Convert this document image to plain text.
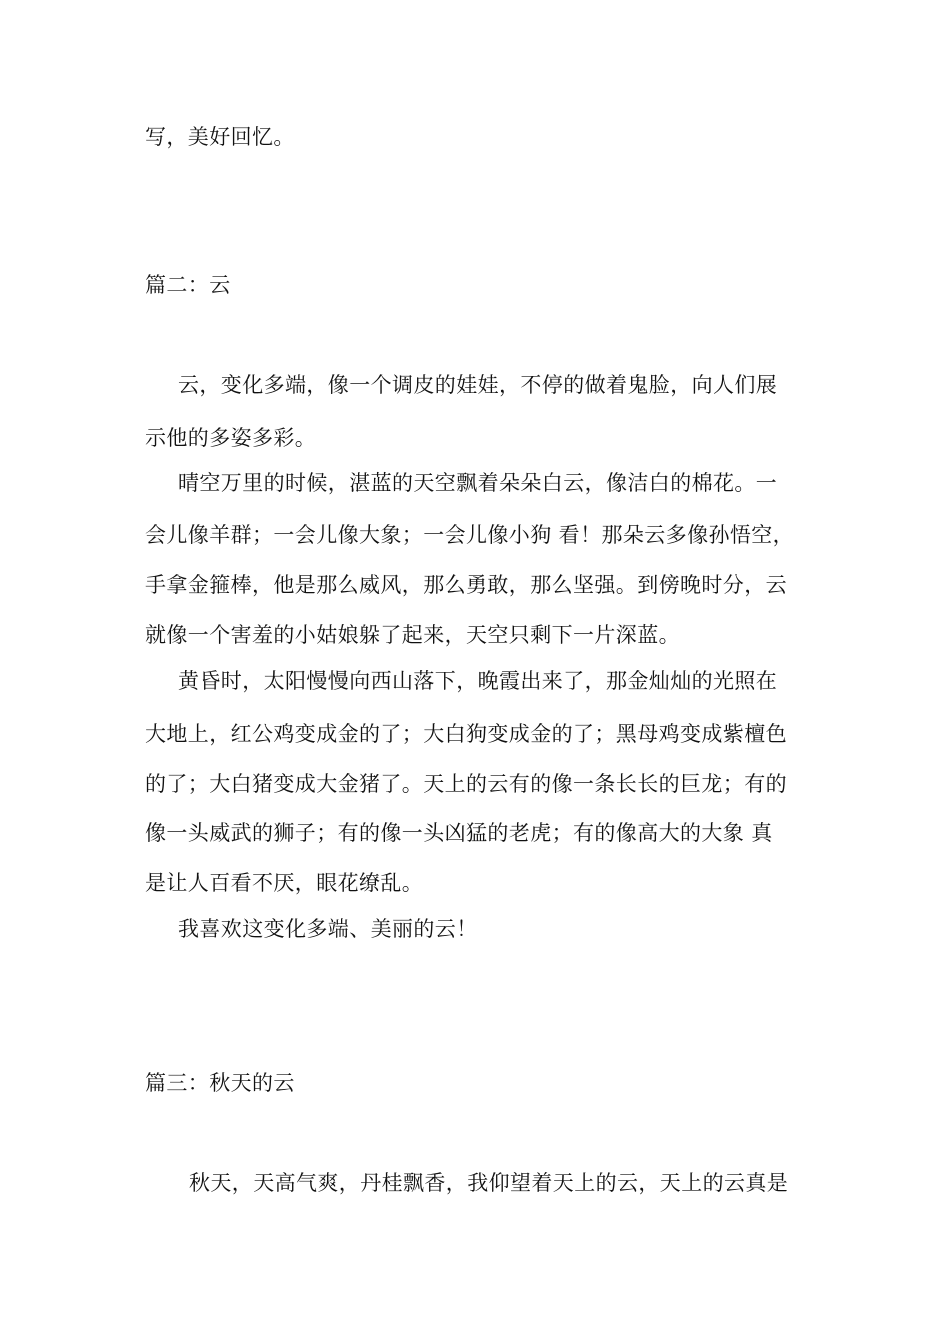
写，美好回忆。
篇二：云
云，变化多端，像一个调皮的娃娃，不停的做着鬼脸，向人们展
示他的多姿多彩。
晴空万里的时候，湛蓝的天空飘着朵朵白云，像洁白的棉花。一
会儿像羊群；一会儿像大象；一会儿像小狗 看！那朵云多像孙悟空，
手拿金箍棒，他是那么威风，那么勇敢，那么坚强。到傍晚时分，云
就像一个害羞的小姑娘躲了起来，天空只剩下一片深蓝。
黄昏时，太阳慢慢向西山落下，晚霞出来了，那金灿灿的光照在
大地上，红公鸡变成金的了；大白狗变成金的了；黑母鸡变成紫檀色
的了；大白猪变成大金猪了。天上的云有的像一条长长的巨龙；有的
像一头威武的狮子；有的像一头凶猛的老虎；有的像高大的大象 真
是让人百看不厌，眼花缭乱。
我喜欢这变化多端、美丽的云！
篇三：秋天的云
秋天，天高气爽，丹桂飘香，我仰望着天上的云，天上的云真是
